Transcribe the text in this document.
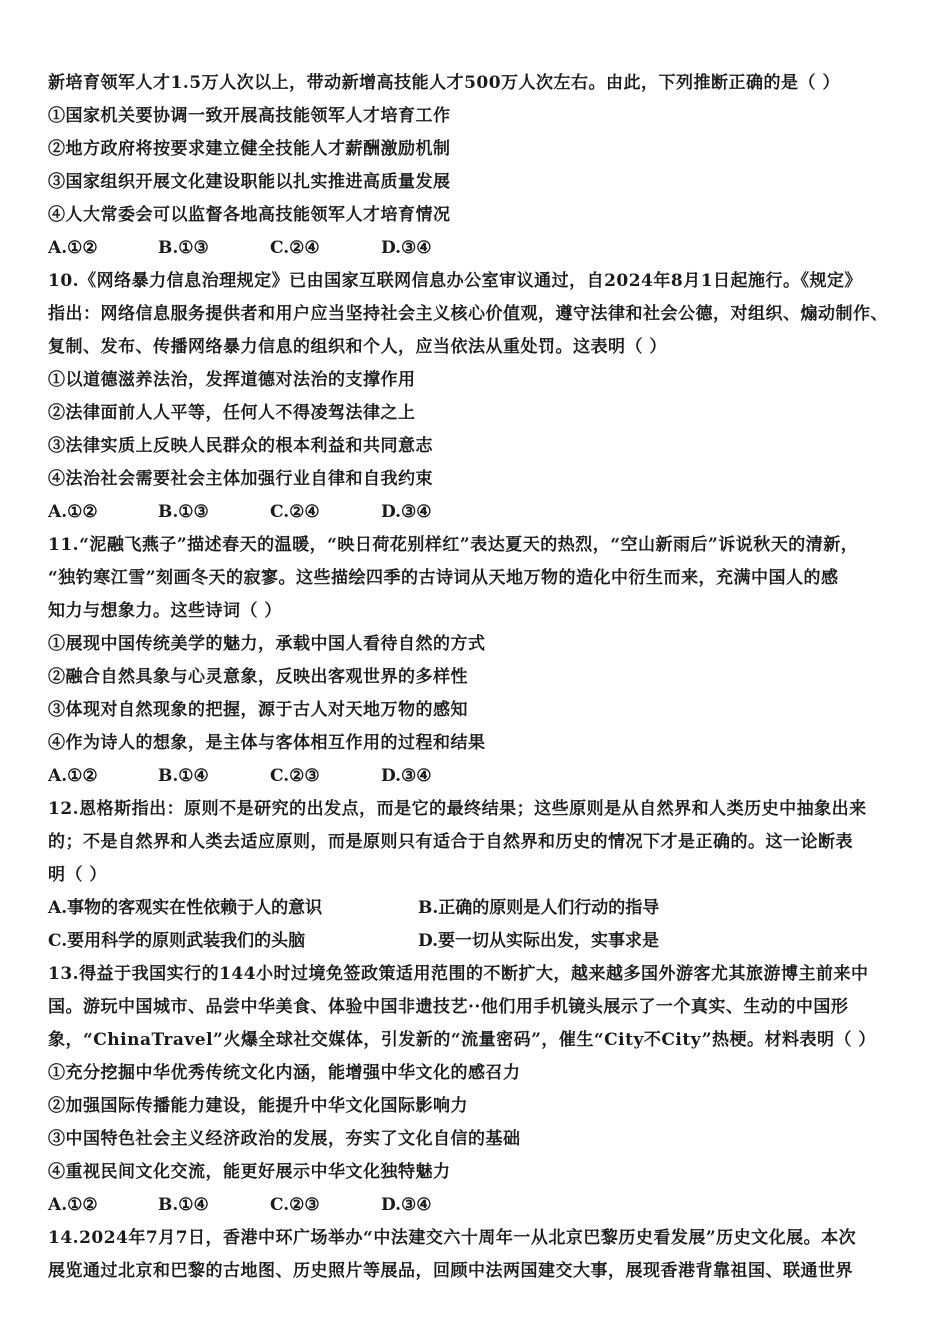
新培育领军人才1.5万人次以上，带动新增高技能人才500万人次左右。由此，下列推断正确的是（ ）
①国家机关要协调一致开展高技能领军人才培育工作
②地方政府将按要求建立健全技能人才薪酬激励机制
③国家组织开展文化建设职能以扎实推进高质量发展
④人大常委会可以监督各地高技能领军人才培育情况
A.①②	B.①③	C.②④	D.③④
10.《网络暴力信息治理规定》已由国家互联网信息办公室审议通过，自2024年8月1日起施行。《规定》
指出：网络信息服务提供者和用户应当坚持社会主义核心价值观，遵守法律和社会公德，对组织、煽动制作、
复制、发布、传播网络暴力信息的组织和个人，应当依法从重处罚。这表明（ ）
①以道德滋养法治，发挥道德对法治的支撑作用
②法律面前人人平等，任何人不得凌驾法律之上
③法律实质上反映人民群众的根本利益和共同意志
④法治社会需要社会主体加强行业自律和自我约束
A.①②	B.①③	C.②④	D.③④
11.“泥融飞燕子”描述春天的温暖，“映日荷花别样红”表达夏天的热烈，“空山新雨后”诉说秋天的清新，
“独钓寒江雪”刻画冬天的寂寥。这些描绘四季的古诗词从天地万物的造化中衍生而来，充满中国人的感
知力与想象力。这些诗词（ ）
①展现中国传统美学的魅力，承载中国人看待自然的方式
②融合自然具象与心灵意象，反映出客观世界的多样性
③体现对自然现象的把握，源于古人对天地万物的感知
④作为诗人的想象，是主体与客体相互作用的过程和结果
A.①②	B.①④	C.②③	D.③④
12.恩格斯指出：原则不是研究的出发点，而是它的最终结果；这些原则是从自然界和人类历史中抽象出来
的；不是自然界和人类去适应原则，而是原则只有适合于自然界和历史的情况下才是正确的。这一论断表
明（ ）
A.事物的客观实在性依赖于人的意识	B.正确的原则是人们行动的指导
C.要用科学的原则武装我们的头脑	D.要一切从实际出发，实事求是
13.得益于我国实行的144小时过境免签政策适用范围的不断扩大，越来越多国外游客尤其旅游博主前来中
国。游玩中国城市、品尝中华美食、体验中国非遗技艺··他们用手机镜头展示了一个真实、生动的中国形
象，“ChinaTravel”火爆全球社交媒体，引发新的“流量密码”，催生“City不City”热梗。材料表明（ ）
①充分挖掘中华优秀传统文化内涵，能增强中华文化的感召力
②加强国际传播能力建设，能提升中华文化国际影响力
③中国特色社会主义经济政治的发展，夯实了文化自信的基础
④重视民间文化交流，能更好展示中华文化独特魅力
A.①②	B.①④	C.②③	D.③④
14.2024年7月7日，香港中环广场举办“中法建交六十周年一从北京巴黎历史看发展”历史文化展。本次
展览通过北京和巴黎的古地图、历史照片等展品，回顾中法两国建交大事，展现香港背靠祖国、联通世界
